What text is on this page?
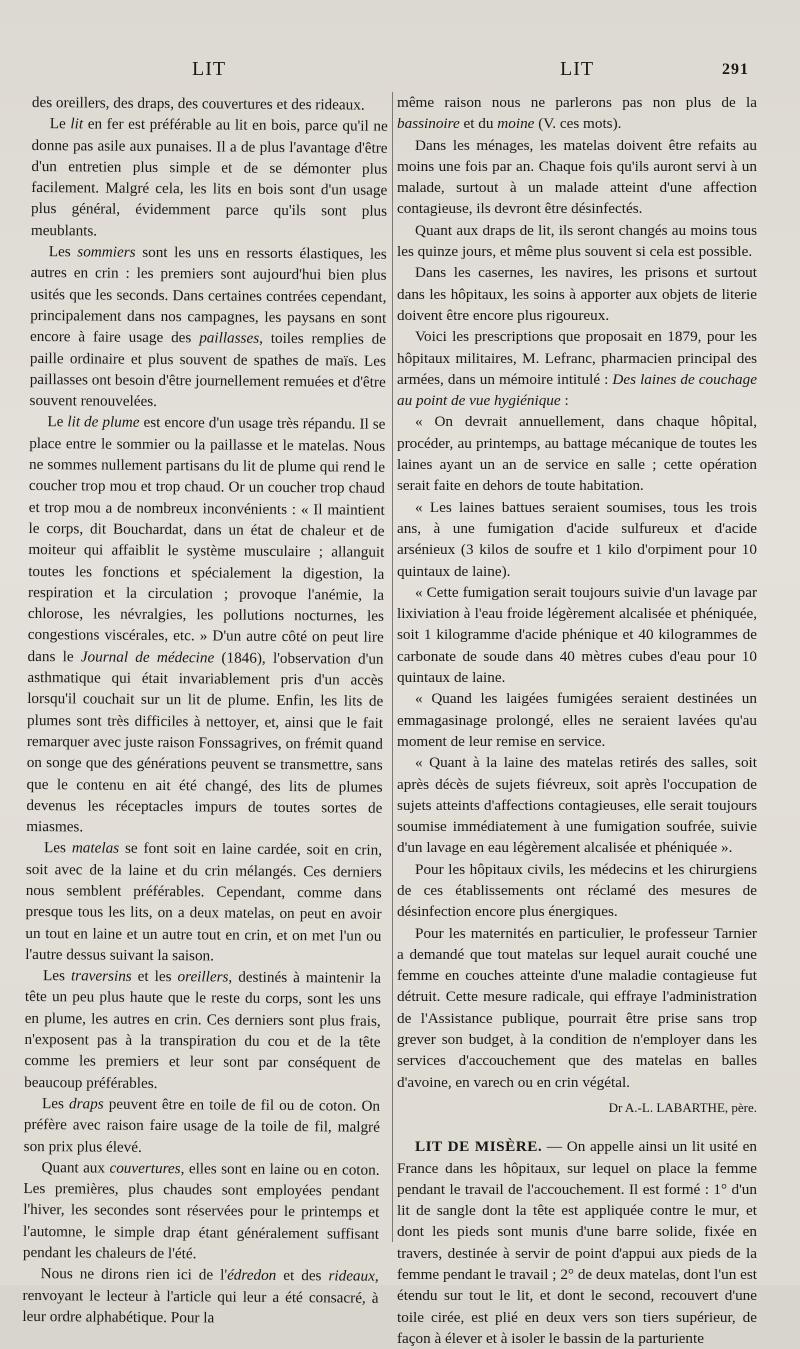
LIT	LIT	291

des oreillers, des draps, des couvertures et des rideaux.

Le lit en fer est préférable au lit en bois, parce qu'il ne donne pas asile aux punaises. Il a de plus l'avantage d'être d'un entretien plus simple et de se démonter plus facilement. Malgré cela, les lits en bois sont d'un usage plus général, évidemment parce qu'ils sont plus meublants.

Les sommiers sont les uns en ressorts élastiques, les autres en crin : les premiers sont aujourd'hui bien plus usités que les seconds. Dans certaines contrées cependant, principalement dans nos campagnes, les paysans en sont encore à faire usage des paillasses, toiles remplies de paille ordinaire et plus souvent de spathes de maïs. Les paillasses ont besoin d'être journellement remuées et d'être souvent renouvelées.

Le lit de plume est encore d'un usage très répandu. Il se place entre le sommier ou la paillasse et le matelas. Nous ne sommes nullement partisans du lit de plume qui rend le coucher trop mou et trop chaud. Or un coucher trop chaud et trop mou a de nombreux inconvénients : « Il maintient le corps, dit Bouchardat, dans un état de chaleur et de moiteur qui affaiblit le système musculaire ; allanguit toutes les fonctions et spécialement la digestion, la respiration et la circulation ; provoque l'anémie, la chlorose, les névralgies, les pollutions nocturnes, les congestions viscérales, etc. » D'un autre côté on peut lire dans le Journal de médecine (1846), l'observation d'un asthmatique qui était invariablement pris d'un accès lorsqu'il couchait sur un lit de plume. Enfin, les lits de plumes sont très difficiles à nettoyer, et, ainsi que le fait remarquer avec juste raison Fonssagrives, on frémit quand on songe que des générations peuvent se transmettre, sans que le contenu en ait été changé, des lits de plumes devenus les réceptacles impurs de toutes sortes de miasmes.

Les matelas se font soit en laine cardée, soit en crin, soit avec de la laine et du crin mélangés. Ces derniers nous semblent préférables. Cependant, comme dans presque tous les lits, on a deux matelas, on peut en avoir un tout en laine et un autre tout en crin, et on met l'un ou l'autre dessus suivant la saison.

Les traversins et les oreillers, destinés à maintenir la tête un peu plus haute que le reste du corps, sont les uns en plume, les autres en crin. Ces derniers sont plus frais, n'exposent pas à la transpiration du cou et de la tête comme les premiers et leur sont par conséquent de beaucoup préférables.

Les draps peuvent être en toile de fil ou de coton. On préfère avec raison faire usage de la toile de fil, malgré son prix plus élevé.

Quant aux couvertures, elles sont en laine ou en coton. Les premières, plus chaudes sont employées pendant l'hiver, les secondes sont réservées pour le printemps et l'automne, le simple drap étant généralement suffisant pendant les chaleurs de l'été.

Nous ne dirons rien ici de l'édredon et des rideaux, renvoyant le lecteur à l'article qui leur a été consacré, à leur ordre alphabétique. Pour la

même raison nous ne parlerons pas non plus de la bassinoire et du moine (V. ces mots).

Dans les ménages, les matelas doivent être refaits au moins une fois par an. Chaque fois qu'ils auront servi à un malade, surtout à un malade atteint d'une affection contagieuse, ils devront être désinfectés.

Quant aux draps de lit, ils seront changés au moins tous les quinze jours, et même plus souvent si cela est possible.

Dans les casernes, les navires, les prisons et surtout dans les hôpitaux, les soins à apporter aux objets de literie doivent être encore plus rigoureux.

Voici les prescriptions que proposait en 1879, pour les hôpitaux militaires, M. Lefranc, pharmacien principal des armées, dans un mémoire intitulé : Des laines de couchage au point de vue hygiénique :

« On devrait annuellement, dans chaque hôpital, procéder, au printemps, au battage mécanique de toutes les laines ayant un an de service en salle ; cette opération serait faite en dehors de toute habitation.

« Les laines battues seraient soumises, tous les trois ans, à une fumigation d'acide sulfureux et d'acide arsénieux (3 kilos de soufre et 1 kilo d'orpiment pour 10 quintaux de laine).

« Cette fumigation serait toujours suivie d'un lavage par lixiviation à l'eau froide légèrement alcalisée et phéniquée, soit 1 kilogramme d'acide phénique et 40 kilogrammes de carbonate de soude dans 40 mètres cubes d'eau pour 10 quintaux de laine.

« Quand les laigées fumigées seraient destinées un emmagasinage prolongé, elles ne seraient lavées qu'au moment de leur remise en service.

« Quant à la laine des matelas retirés des salles, soit après décès de sujets fiévreux, soit après l'occupation de sujets atteints d'affections contagieuses, elle serait toujours soumise immédiatement à une fumigation soufrée, suivie d'un lavage en eau légèrement alcalisée et phéniquée ».

Pour les hôpitaux civils, les médecins et les chirurgiens de ces établissements ont réclamé des mesures de désinfection encore plus énergiques.

Pour les maternités en particulier, le professeur Tarnier a demandé que tout matelas sur lequel aurait couché une femme en couches atteinte d'une maladie contagieuse fut détruit. Cette mesure radicale, qui effraye l'administration de l'Assistance publique, pourrait être prise sans trop grever son budget, à la condition de n'employer dans les services d'accouchement que des matelas en balles d'avoine, en varech ou en crin végétal.

Dr A.-L. LABARTHE, père.

LIT DE MISÈRE. — On appelle ainsi un lit usité en France dans les hôpitaux, sur lequel on place la femme pendant le travail de l'accouchement. Il est formé : 1° d'un lit de sangle dont la tête est appliquée contre le mur, et dont les pieds sont munis d'une barre solide, fixée en travers, destinée à servir de point d'appui aux pieds de la femme pendant le travail ; 2° de deux matelas, dont l'un est étendu sur tout le lit, et dont le second, recouvert d'une toile cirée, est plié en deux vers son tiers supérieur, de façon à élever et à isoler le bassin de la parturiente
